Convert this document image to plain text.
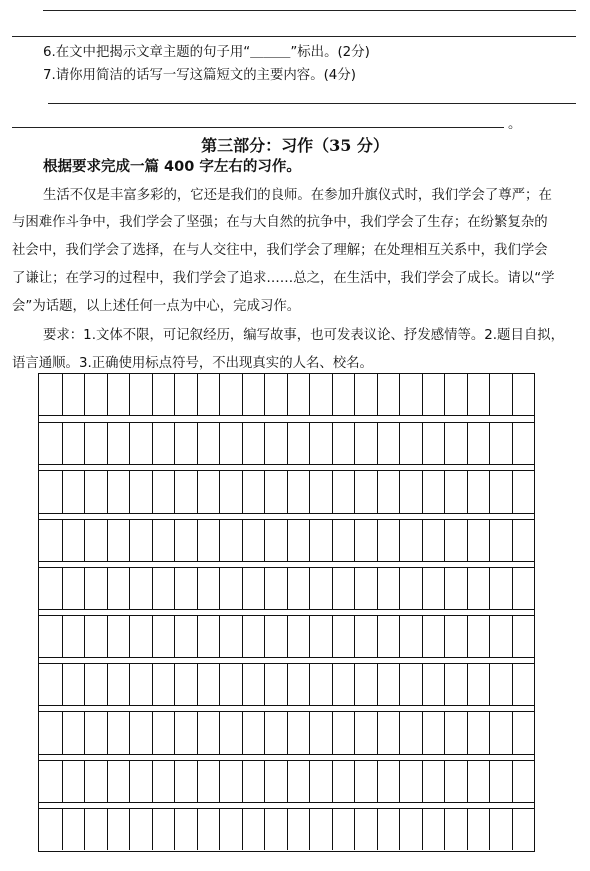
6.在文中把揭示文章主题的句子用“＿＿＿”标出。(2分)
7.请你用简洁的话写一写这篇短文的主要内容。(4分)
。
第三部分：习作（35 分）
根据要求完成一篇 400 字左右的习作。
生活不仅是丰富多彩的，它还是我们的良师。在参加升旗仪式时，我们学会了尊严；在
与困难作斗争中，我们学会了坚强；在与大自然的抗争中，我们学会了生存；在纷繁复杂的
社会中，我们学会了选择，在与人交往中，我们学会了理解；在处理相互关系中，我们学会
了谦让；在学习的过程中，我们学会了追求……总之，在生活中，我们学会了成长。请以“学
会”为话题，以上述任何一点为中心，完成习作。
要求：1.文体不限，可记叙经历，编写故事，也可发表议论、抒发感情等。2.题目自拟，
语言通顺。3.正确使用标点符号，不出现真实的人名、校名。
